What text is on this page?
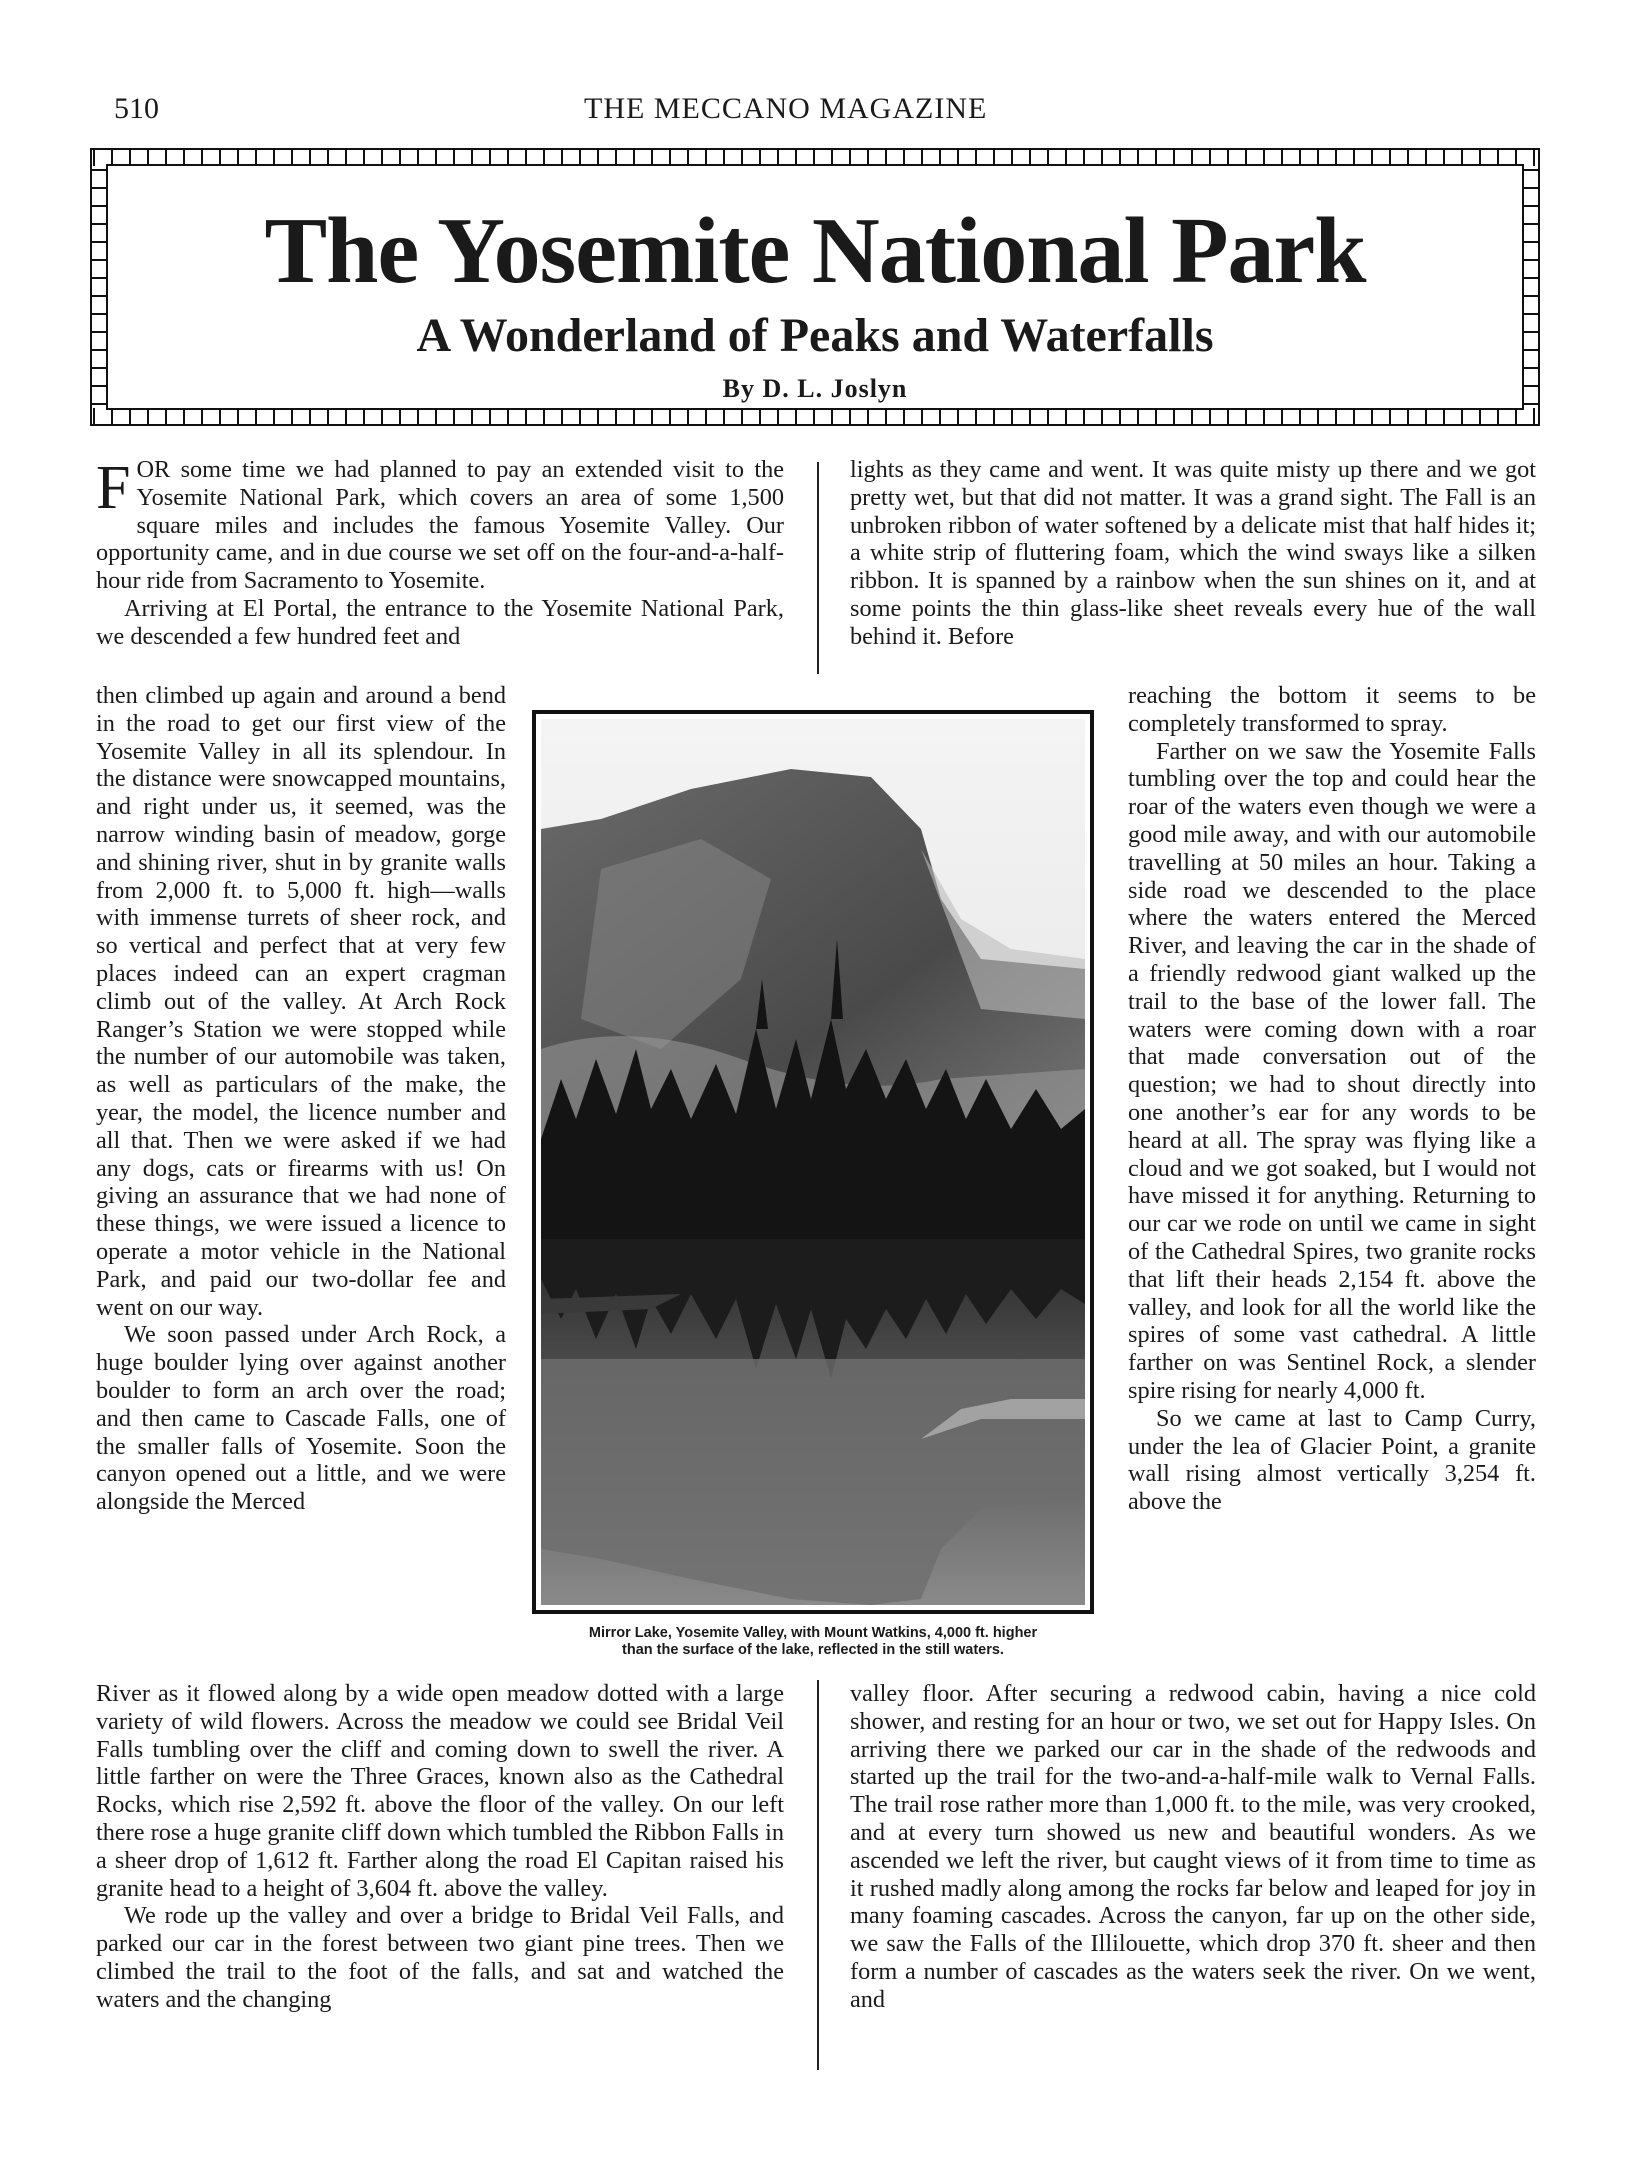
510	THE MECCANO MAGAZINE
The Yosemite National Park
A Wonderland of Peaks and Waterfalls
By D. L. Joslyn

FOR some time we had planned to pay an extended visit to the Yosemite National Park, which covers an area of some 1,500 square miles and includes the famous Yosemite Valley. Our opportunity came, and in due course we set off on the four-and-a-half-hour ride from Sacramento to Yosemite.

Arriving at El Portal, the entrance to the Yosemite National Park, we descended a few hundred feet and

lights as they came and went. It was quite misty up there and we got pretty wet, but that did not matter. It was a grand sight. The Fall is an unbroken ribbon of water softened by a delicate mist that half hides it; a white strip of fluttering foam, which the wind sways like a silken ribbon. It is spanned by a rainbow when the sun shines on it, and at some points the thin glass-like sheet reveals every hue of the wall behind it. Before

then climbed up again and around a bend in the road to get our first view of the Yosemite Valley in all its splendour. In the distance were snowcapped mountains, and right under us, it seemed, was the narrow winding basin of meadow, gorge and shining river, shut in by granite walls from 2,000 ft. to 5,000 ft. high—walls with immense turrets of sheer rock, and so vertical and perfect that at very few places indeed can an expert cragman climb out of the valley. At Arch Rock Ranger’s Station we were stopped while the number of our automobile was taken, as well as particulars of the make, the year, the model, the licence number and all that. Then we were asked if we had any dogs, cats or firearms with us! On giving an assurance that we had none of these things, we were issued a licence to operate a motor vehicle in the National Park, and paid our two-dollar fee and went on our way.

We soon passed under Arch Rock, a huge boulder lying over against another boulder to form an arch over the road; and then came to Cascade Falls, one of the smaller falls of Yosemite. Soon the canyon opened out a little, and we were alongside the Merced

Mirror Lake, Yosemite Valley, with Mount Watkins, 4,000 ft. higher
than the surface of the lake, reflected in the still waters.

reaching the bottom it seems to be completely transformed to spray.

Farther on we saw the Yosemite Falls tumbling over the top and could hear the roar of the waters even though we were a good mile away, and with our automobile travelling at 50 miles an hour. Taking a side road we descended to the place where the waters entered the Merced River, and leaving the car in the shade of a friendly redwood giant walked up the trail to the base of the lower fall. The waters were coming down with a roar that made conversation out of the question; we had to shout directly into one another’s ear for any words to be heard at all. The spray was flying like a cloud and we got soaked, but I would not have missed it for anything. Returning to our car we rode on until we came in sight of the Cathedral Spires, two granite rocks that lift their heads 2,154 ft. above the valley, and look for all the world like the spires of some vast cathedral. A little farther on was Sentinel Rock, a slender spire rising for nearly 4,000 ft.

So we came at last to Camp Curry, under the lea of Glacier Point, a granite wall rising almost vertically 3,254 ft. above the

River as it flowed along by a wide open meadow dotted with a large variety of wild flowers. Across the meadow we could see Bridal Veil Falls tumbling over the cliff and coming down to swell the river. A little farther on were the Three Graces, known also as the Cathedral Rocks, which rise 2,592 ft. above the floor of the valley. On our left there rose a huge granite cliff down which tumbled the Ribbon Falls in a sheer drop of 1,612 ft. Farther along the road El Capitan raised his granite head to a height of 3,604 ft. above the valley.

We rode up the valley and over a bridge to Bridal Veil Falls, and parked our car in the forest between two giant pine trees. Then we climbed the trail to the foot of the falls, and sat and watched the waters and the changing

valley floor. After securing a redwood cabin, having a nice cold shower, and resting for an hour or two, we set out for Happy Isles. On arriving there we parked our car in the shade of the redwoods and started up the trail for the two-and-a-half-mile walk to Vernal Falls. The trail rose rather more than 1,000 ft. to the mile, was very crooked, and at every turn showed us new and beautiful wonders. As we ascended we left the river, but caught views of it from time to time as it rushed madly along among the rocks far below and leaped for joy in many foaming cascades. Across the canyon, far up on the other side, we saw the Falls of the Illilouette, which drop 370 ft. sheer and then form a number of cascades as the waters seek the river. On we went, and
